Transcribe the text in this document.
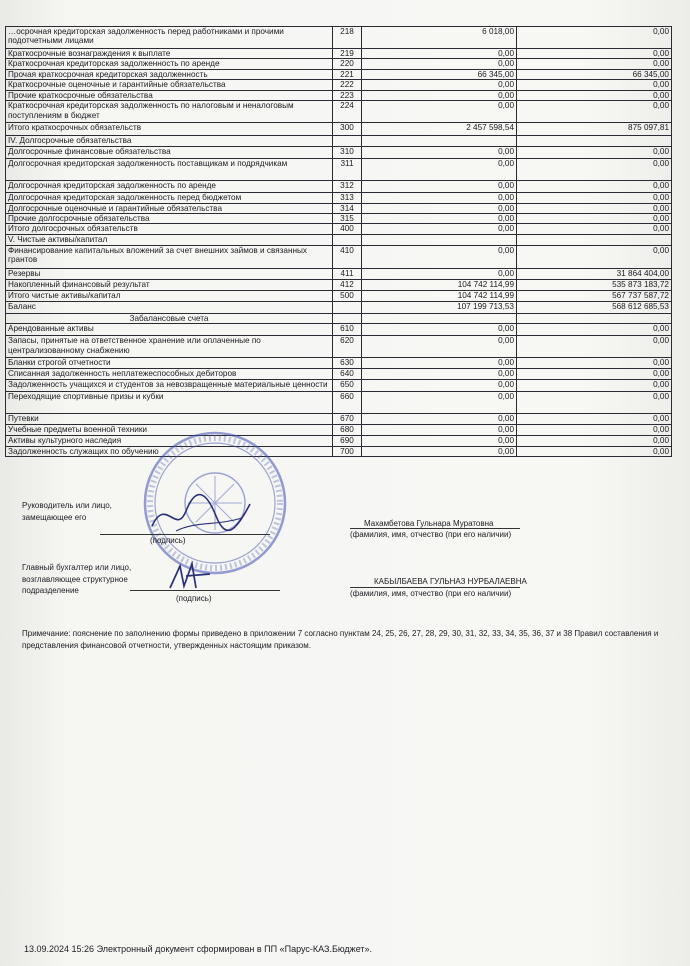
…осрочная кредиторская задолженность перед работниками и прочими подотчетными лицами	218	6 018,00	0,00
Краткосрочные вознаграждения к выплате	219	0,00	0,00
Краткосрочная кредиторская задолженность по аренде	220	0,00	0,00
Прочая краткосрочная кредиторская задолженность	221	66 345,00	66 345,00
Краткосрочные оценочные и гарантийные обязательства	222	0,00	0,00
Прочие краткосрочные обязательства	223	0,00	0,00
Краткосрочная кредиторская задолженность по налоговым и неналоговым поступлениям в бюджет	224	0,00	0,00
Итого краткосрочных обязательств	300	2 457 598,54	875 097,81
IV. Долгосрочные обязательства			
Долгосрочные финансовые обязательства	310	0,00	0,00
Долгосрочная кредиторская задолженность поставщикам и подрядчикам	311	0,00	0,00
Долгосрочная кредиторская задолженность по аренде	312	0,00	0,00
Долгосрочная кредиторская задолженность перед бюджетом	313	0,00	0,00
Долгосрочные оценочные и гарантийные обязательства	314	0,00	0,00
Прочие долгосрочные обязательства	315	0,00	0,00
Итого долгосрочных обязательств	400	0,00	0,00
V. Чистые активы/капитал			
Финансирование капитальных вложений за счет внешних займов и связанных грантов	410	0,00	0,00
Резервы	411	0,00	31 864 404,00
Накопленный финансовый результат	412	104 742 114,99	535 873 183,72
Итого чистые активы/капитал	500	104 742 114,99	567 737 587,72
Баланс		107 199 713,53	568 612 685,53
Забалансовые счета			
Арендованные активы	610	0,00	0,00
Запасы, принятые на ответственное хранение или оплаченные по централизованному снабжению	620	0,00	0,00
Бланки строгой отчетности	630	0,00	0,00
Списанная задолженность неплатежеспособных дебиторов	640	0,00	0,00
Задолженность учащихся и студентов за невозвращенные материальные ценности	650	0,00	0,00
Переходящие спортивные призы и кубки	660	0,00	0,00
Путевки	670	0,00	0,00
Учебные предметы военной техники	680	0,00	0,00
Активы культурного наследия	690	0,00	0,00
Задолженность служащих по обучению	700	0,00	0,00
Руководитель или лицо, замещающее его
(подпись)
Махамбетова Гульнара Муратовна
(фамилия, имя, отчество (при его наличии)
Главный бухгалтер или лицо, возглавляющее структурное подразделение
(подпись)
КАБЫЛБАЕВА ГУЛЬНАЗ НУРБАЛАЕВНА
(фамилия, имя, отчество (при его наличии)
Примечание: пояснение по заполнению формы приведено в приложении 7 согласно пунктам 24, 25, 26, 27, 28, 29, 30, 31, 32, 33, 34, 35, 36, 37 и 38 Правил составления и представления финансовой отчетности, утвержденных настоящим приказом.
13.09.2024 15:26 Электронный документ сформирован в ПП «Парус-КАЗ.Бюджет».
